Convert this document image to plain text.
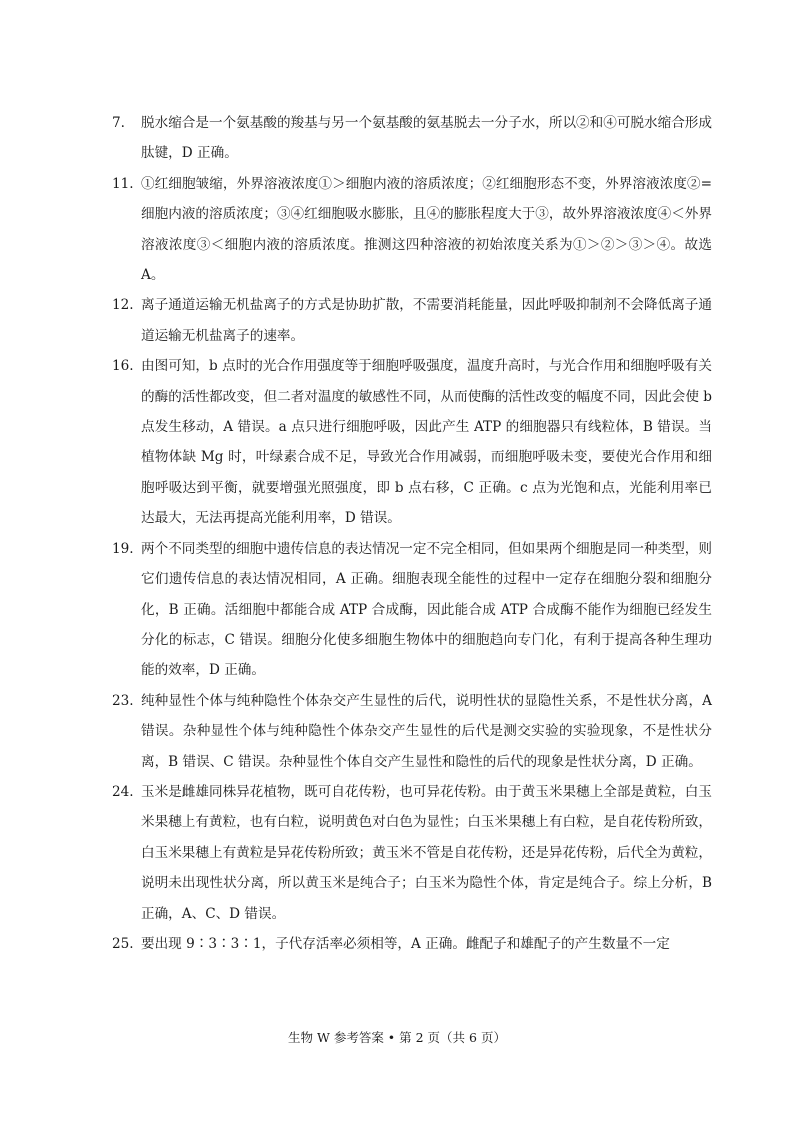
7.	脱水缩合是一个氨基酸的羧基与另一个氨基酸的氨基脱去一分子水，所以②和④可脱水缩合形成肽键，D 正确。

11. ①红细胞皱缩，外界溶液浓度①＞细胞内液的溶质浓度；②红细胞形态不变，外界溶液浓度②=细胞内液的溶质浓度；③④红细胞吸水膨胀，且④的膨胀程度大于③，故外界溶液浓度④＜外界溶液浓度③＜细胞内液的溶质浓度。推测这四种溶液的初始浓度关系为①＞②＞③＞④。故选 A。

12. 离子通道运输无机盐离子的方式是协助扩散，不需要消耗能量，因此呼吸抑制剂不会降低离子通道运输无机盐离子的速率。

16. 由图可知，b 点时的光合作用强度等于细胞呼吸强度，温度升高时，与光合作用和细胞呼吸有关的酶的活性都改变，但二者对温度的敏感性不同，从而使酶的活性改变的幅度不同，因此会使 b 点发生移动，A 错误。a 点只进行细胞呼吸，因此产生 ATP 的细胞器只有线粒体，B 错误。当植物体缺 Mg 时，叶绿素合成不足，导致光合作用减弱，而细胞呼吸未变，要使光合作用和细胞呼吸达到平衡，就要增强光照强度，即 b 点右移，C 正确。c 点为光饱和点，光能利用率已达最大，无法再提高光能利用率，D 错误。

19. 两个不同类型的细胞中遗传信息的表达情况一定不完全相同，但如果两个细胞是同一种类型，则它们遗传信息的表达情况相同，A 正确。细胞表现全能性的过程中一定存在细胞分裂和细胞分化，B 正确。活细胞中都能合成 ATP 合成酶，因此能合成 ATP 合成酶不能作为细胞已经发生分化的标志，C 错误。细胞分化使多细胞生物体中的细胞趋向专门化，有利于提高各种生理功能的效率，D 正确。

23. 纯种显性个体与纯种隐性个体杂交产生显性的后代，说明性状的显隐性关系，不是性状分离，A 错误。杂种显性个体与纯种隐性个体杂交产生显性的后代是测交实验的实验现象，不是性状分离，B 错误、C 错误。杂种显性个体自交产生显性和隐性的后代的现象是性状分离，D 正确。

24. 玉米是雌雄同株异花植物，既可自花传粉，也可异花传粉。由于黄玉米果穗上全部是黄粒，白玉米果穗上有黄粒，也有白粒，说明黄色对白色为显性；白玉米果穗上有白粒，是自花传粉所致，白玉米果穗上有黄粒是异花传粉所致；黄玉米不管是自花传粉，还是异花传粉，后代全为黄粒，说明未出现性状分离，所以黄玉米是纯合子；白玉米为隐性个体，肯定是纯合子。综上分析，B 正确，A、C、D 错误。

25. 要出现 9∶3∶3∶1，子代存活率必须相等，A 正确。雌配子和雄配子的产生数量不一定

生物 W 参考答案 • 第 2 页（共 6 页）
